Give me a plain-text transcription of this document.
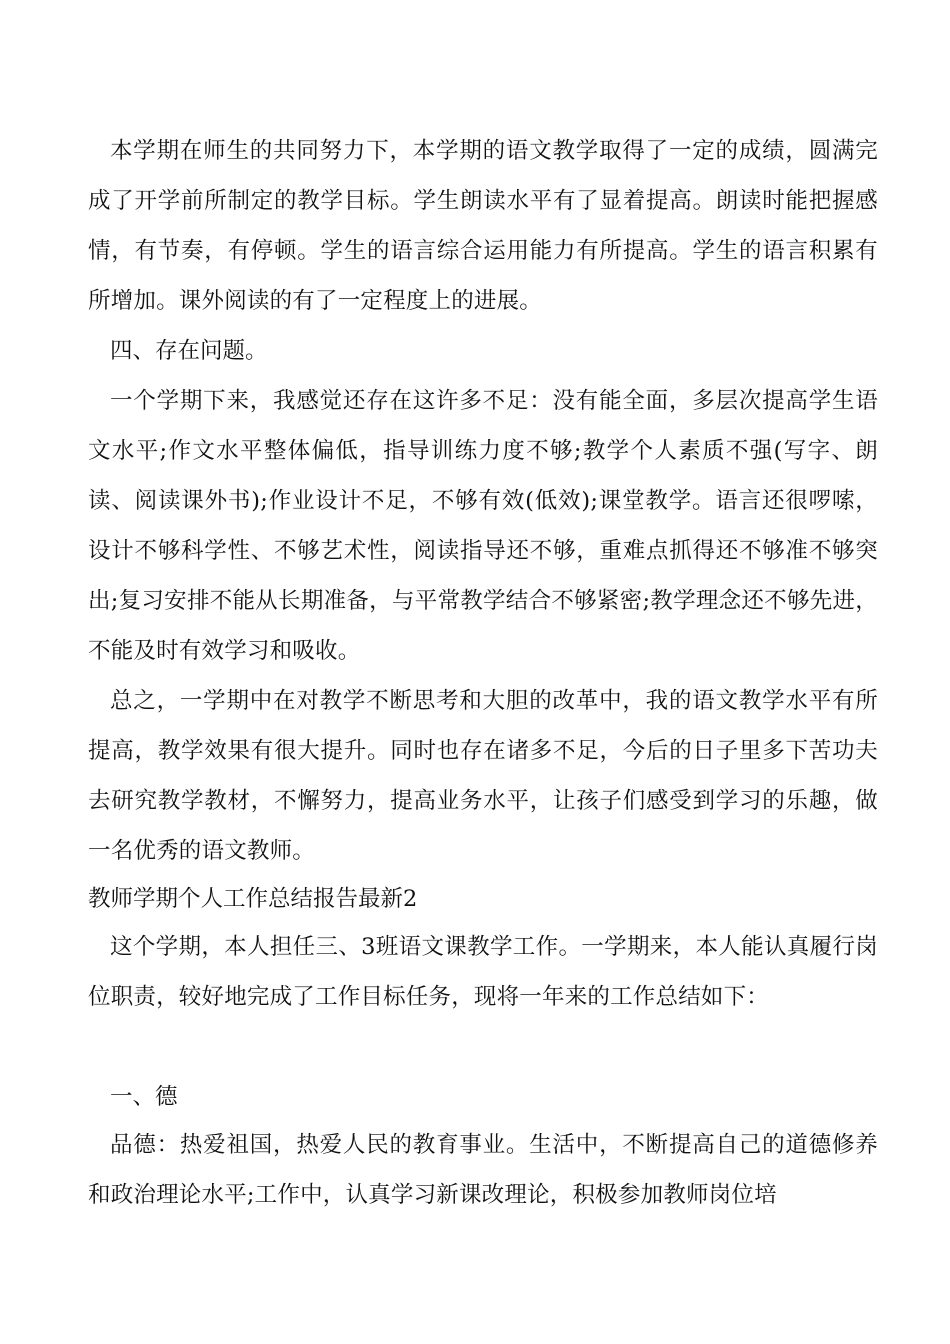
本学期在师生的共同努力下，本学期的语文教学取得了一定的成绩，圆满完成了开学前所制定的教学目标。学生朗读水平有了显着提高。朗读时能把握感情，有节奏，有停顿。学生的语言综合运用能力有所提高。学生的语言积累有所增加。课外阅读的有了一定程度上的进展。
四、存在问题。
一个学期下来，我感觉还存在这许多不足：没有能全面，多层次提高学生语文水平;作文水平整体偏低，指导训练力度不够;教学个人素质不强(写字、朗读、阅读课外书);作业设计不足，不够有效(低效);课堂教学。语言还很啰嗦，设计不够科学性、不够艺术性，阅读指导还不够，重难点抓得还不够准不够突出;复习安排不能从长期准备，与平常教学结合不够紧密;教学理念还不够先进，不能及时有效学习和吸收。
总之，一学期中在对教学不断思考和大胆的改革中，我的语文教学水平有所提高，教学效果有很大提升。同时也存在诸多不足，今后的日子里多下苦功夫去研究教学教材，不懈努力，提高业务水平，让孩子们感受到学习的乐趣，做一名优秀的语文教师。
教师学期个人工作总结报告最新2
这个学期，本人担任三、3班语文课教学工作。一学期来，本人能认真履行岗位职责，较好地完成了工作目标任务，现将一年来的工作总结如下：
一、德
品德：热爱祖国，热爱人民的教育事业。生活中，不断提高自己的道德修养和政治理论水平;工作中，认真学习新课改理论，积极参加教师岗位培
